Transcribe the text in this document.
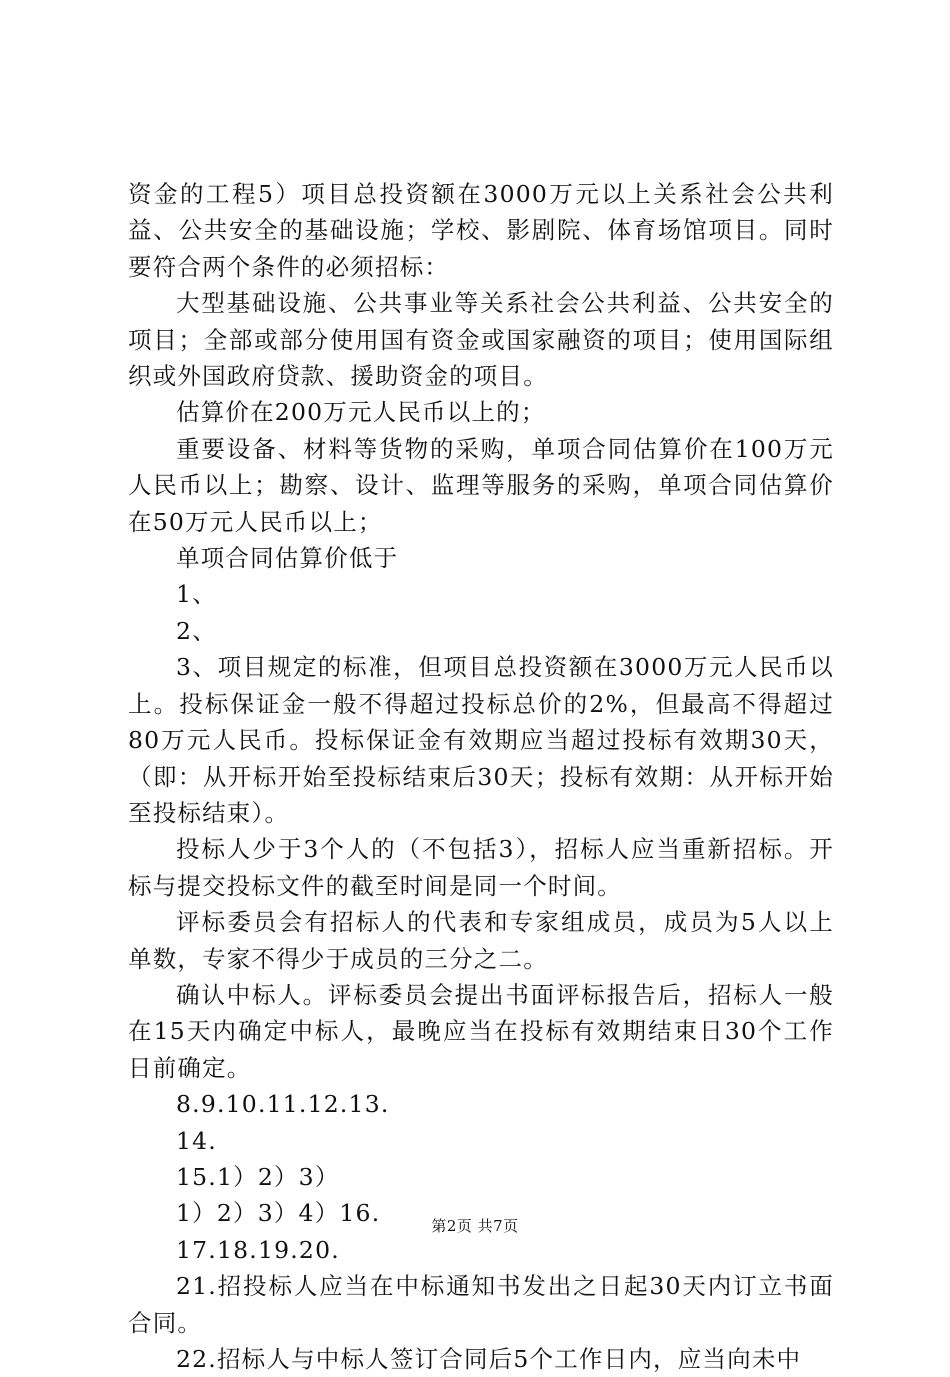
资金的工程5）项目总投资额在3000万元以上关系社会公共利益、公共安全的基础设施；学校、影剧院、体育场馆项目。同时要符合两个条件的必须招标：

大型基础设施、公共事业等关系社会公共利益、公共安全的项目；全部或部分使用国有资金或国家融资的项目；使用国际组织或外国政府贷款、援助资金的项目。

估算价在200万元人民币以上的；

重要设备、材料等货物的采购，单项合同估算价在100万元人民币以上；勘察、设计、监理等服务的采购，单项合同估算价在50万元人民币以上；

单项合同估算价低于

1、

2、

3、项目规定的标准，但项目总投资额在3000万元人民币以上。投标保证金一般不得超过投标总价的2%，但最高不得超过80万元人民币。投标保证金有效期应当超过投标有效期30天，（即：从开标开始至投标结束后30天；投标有效期：从开标开始至投标结束）。

投标人少于3个人的（不包括3），招标人应当重新招标。开标与提交投标文件的截至时间是同一个时间。

评标委员会有招标人的代表和专家组成员，成员为5人以上单数，专家不得少于成员的三分之二。

确认中标人。评标委员会提出书面评标报告后，招标人一般在15天内确定中标人，最晚应当在投标有效期结束日30个工作日前确定。

8.9.10.11.12.13.

14.

15.1）2）3）

1）2）3）4）16.

17.18.19.20.

21.招投标人应当在中标通知书发出之日起30天内订立书面合同。

22.招标人与中标人签订合同后5个工作日内，应当向未中

第2页 共7页
